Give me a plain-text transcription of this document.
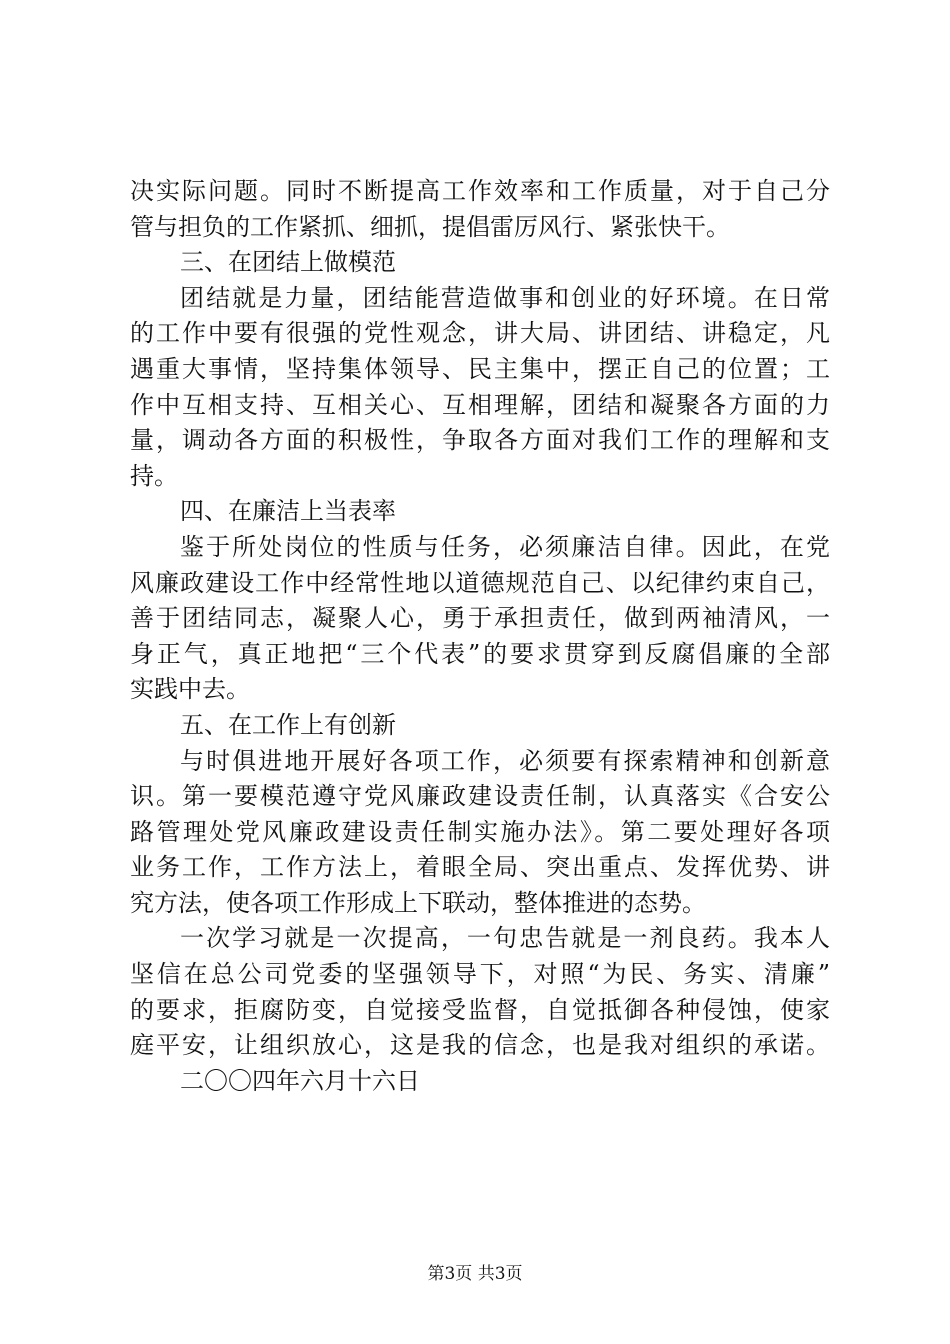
决实际问题。同时不断提高工作效率和工作质量，对于自己分
管与担负的工作紧抓、细抓，提倡雷厉风行、紧张快干。
三、在团结上做模范
团结就是力量，团结能营造做事和创业的好环境。在日常
的工作中要有很强的党性观念，讲大局、讲团结、讲稳定，凡
遇重大事情，坚持集体领导、民主集中，摆正自己的位置；工
作中互相支持、互相关心、互相理解，团结和凝聚各方面的力
量，调动各方面的积极性，争取各方面对我们工作的理解和支
持。
四、在廉洁上当表率
鉴于所处岗位的性质与任务，必须廉洁自律。因此，在党
风廉政建设工作中经常性地以道德规范自己、以纪律约束自己，
善于团结同志，凝聚人心，勇于承担责任，做到两袖清风，一
身正气，真正地把“三个代表”的要求贯穿到反腐倡廉的全部
实践中去。
五、在工作上有创新
与时俱进地开展好各项工作，必须要有探索精神和创新意
识。第一要模范遵守党风廉政建设责任制，认真落实《合安公
路管理处党风廉政建设责任制实施办法》。第二要处理好各项
业务工作，工作方法上，着眼全局、突出重点、发挥优势、讲
究方法，使各项工作形成上下联动，整体推进的态势。
一次学习就是一次提高，一句忠告就是一剂良药。我本人
坚信在总公司党委的坚强领导下，对照“为民、务实、清廉”
的要求，拒腐防变，自觉接受监督，自觉抵御各种侵蚀，使家
庭平安，让组织放心，这是我的信念，也是我对组织的承诺。
二〇〇四年六月十六日
第3页 共3页
